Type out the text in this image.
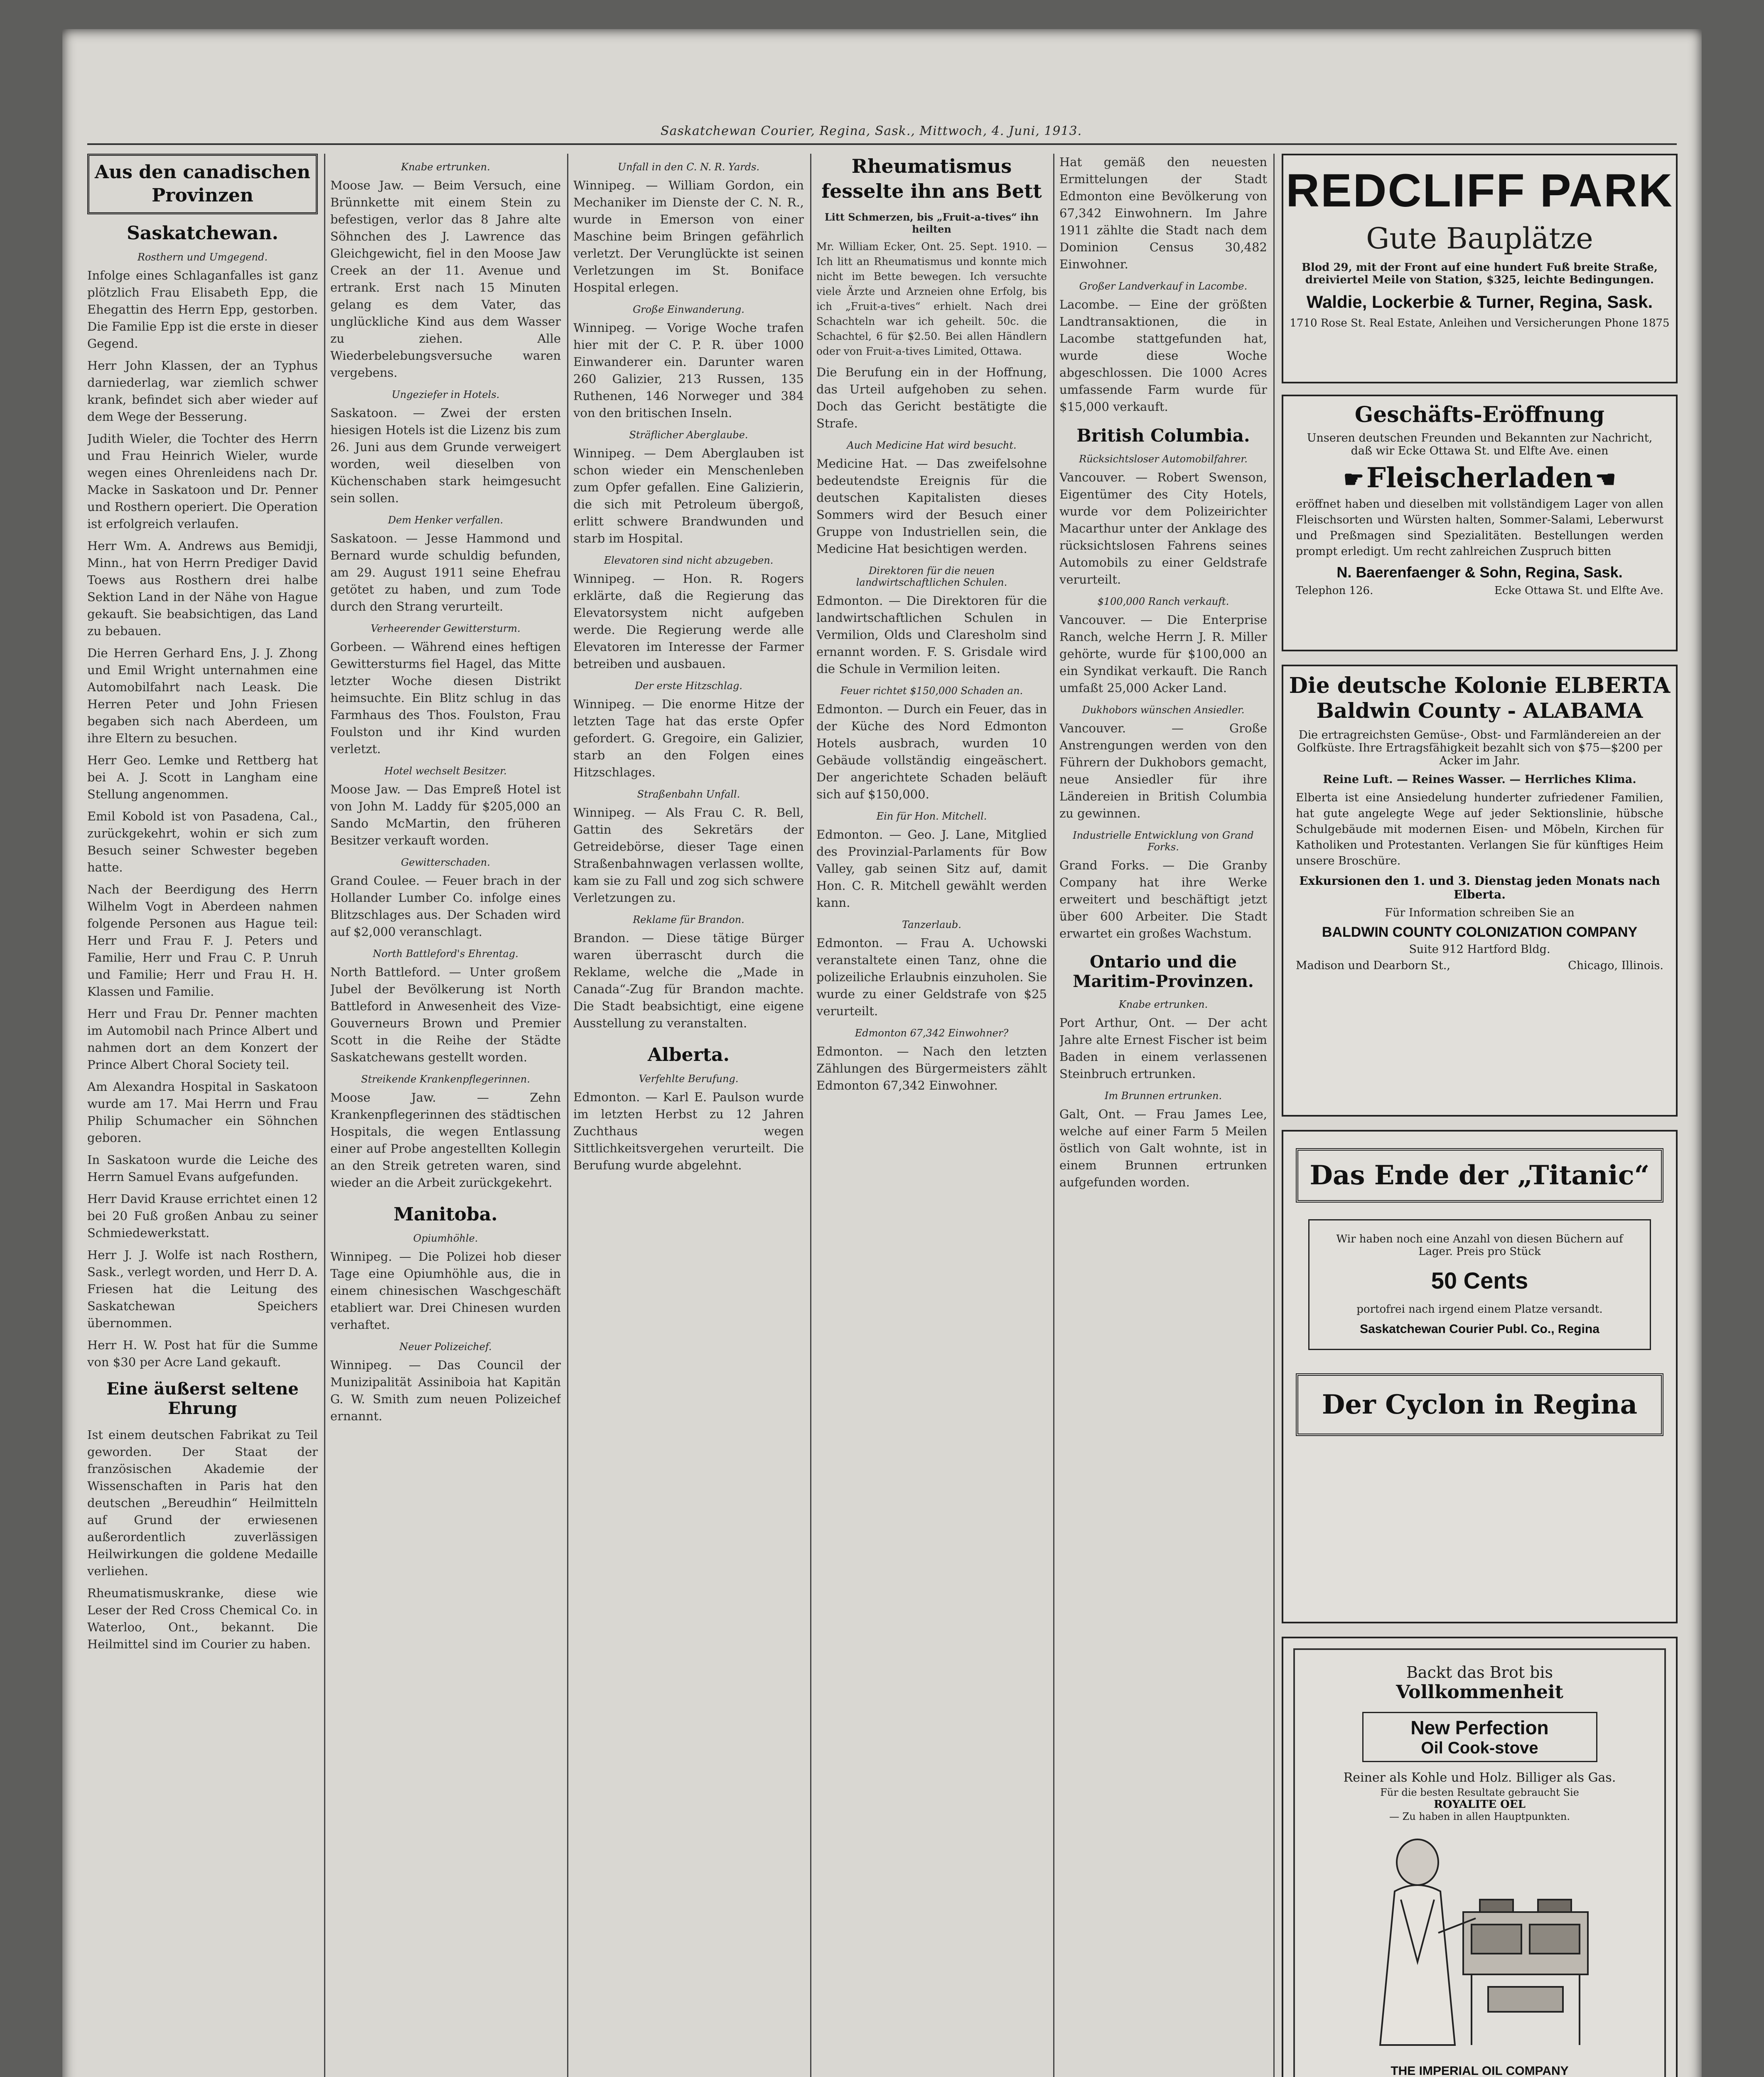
Saskatchewan Courier, Regina, Sask., Mittwoch, 4. Juni, 1913.
Aus den canadischen Provinzen
Saskatchewan.
Rosthern und Umgegend.

Infolge eines Schlaganfalles ist ganz plötzlich Frau Elisabeth Epp, die Ehegattin des Herrn Epp, gestorben. Die Familie Epp ist die erste in dieser Gegend.

Herr John Klassen, der an Typhus darniederlag, war ziemlich schwer krank, befindet sich aber wieder auf dem Wege der Besserung.

Judith Wieler, die Tochter des Herrn und Frau Heinrich Wieler, wurde wegen eines Ohrenleidens nach Dr. Macke in Saskatoon und Dr. Penner und Rosthern operiert. Die Operation ist erfolgreich verlaufen.

Herr Wm. A. Andrews aus Bemidji, Minn., hat von Herrn Prediger David Toews aus Rosthern drei halbe Sektion Land in der Nähe von Hague gekauft. Sie beabsichtigen, das Land zu bebauen.

Die Herren Gerhard Ens, J. J. Zhong und Emil Wright unternahmen eine Automobilfahrt nach Leask. Die Herren Peter und John Friesen begaben sich nach Aberdeen, um ihre Eltern zu besuchen.

Herr Geo. Lemke und Rettberg hat bei A. J. Scott in Langham eine Stellung angenommen.

Emil Kobold ist von Pasadena, Cal., zurückgekehrt, wohin er sich zum Besuch seiner Schwester begeben hatte.

Nach der Beerdigung des Herrn Wilhelm Vogt in Aberdeen nahmen folgende Personen aus Hague teil: Herr und Frau F. J. Peters und Familie, Herr und Frau C. P. Unruh und Familie; Herr und Frau H. H. Klassen und Familie.

Herr und Frau Dr. Penner machten im Automobil nach Prince Albert und nahmen dort an dem Konzert der Prince Albert Choral Society teil.

Am Alexandra Hospital in Saskatoon wurde am 17. Mai Herrn und Frau Philip Schumacher ein Söhnchen geboren.

In Saskatoon wurde die Leiche des Herrn Samuel Evans aufgefunden.

Herr David Krause errichtet einen 12 bei 20 Fuß großen Anbau zu seiner Schmiedewerkstatt.

Herr J. J. Wolfe ist nach Rosthern, Sask., verlegt worden, und Herr D. A. Friesen hat die Leitung des Saskatchewan Speichers übernommen.

Herr H. W. Post hat für die Summe von $30 per Acre Land gekauft.

Eine äußerst seltene Ehrung

Ist einem deutschen Fabrikat zu Teil geworden. Der Staat der französischen Akademie der Wissenschaften in Paris hat den deutschen „Bereudhin“ Heilmitteln auf Grund der erwiesenen außerordentlich zuverlässigen Heilwirkungen die goldene Medaille verliehen.

Rheumatismuskranke, diese wie Leser der Red Cross Chemical Co. in Waterloo, Ont., bekannt. Die Heilmittel sind im Courier zu haben.

Knabe ertrunken.

Moose Jaw. — Beim Versuch, eine Brünnkette mit einem Stein zu befestigen, verlor das 8 Jahre alte Söhnchen des J. Lawrence das Gleichgewicht, fiel in den Moose Jaw Creek an der 11. Avenue und ertrank. Erst nach 15 Minuten gelang es dem Vater, das unglückliche Kind aus dem Wasser zu ziehen. Alle Wiederbelebungsversuche waren vergebens.

Ungeziefer in Hotels.

Saskatoon. — Zwei der ersten hiesigen Hotels ist die Lizenz bis zum 26. Juni aus dem Grunde verweigert worden, weil dieselben von Küchenschaben stark heimgesucht sein sollen.

Dem Henker verfallen.

Saskatoon. — Jesse Hammond und Bernard wurde schuldig befunden, am 29. August 1911 seine Ehefrau getötet zu haben, und zum Tode durch den Strang verurteilt.

Verheerender Gewittersturm.

Gorbeen. — Während eines heftigen Gewittersturms fiel Hagel, das Mitte letzter Woche diesen Distrikt heimsuchte. Ein Blitz schlug in das Farmhaus des Thos. Foulston, Frau Foulston und ihr Kind wurden verletzt.

Hotel wechselt Besitzer.

Moose Jaw. — Das Empreß Hotel ist von John M. Laddy für $205,000 an Sando McMartin, den früheren Besitzer verkauft worden.

Gewitterschaden.

Grand Coulee. — Feuer brach in der Hollander Lumber Co. infolge eines Blitzschlages aus. Der Schaden wird auf $2,000 veranschlagt.

North Battleford's Ehrentag.

North Battleford. — Unter großem Jubel der Bevölkerung ist North Battleford in Anwesenheit des Vize-Gouverneurs Brown und Premier Scott in die Reihe der Städte Saskatchewans gestellt worden.

Streikende Krankenpflegerinnen.

Moose Jaw. — Zehn Krankenpflegerinnen des städtischen Hospitals, die wegen Entlassung einer auf Probe angestellten Kollegin an den Streik getreten waren, sind wieder an die Arbeit zurückgekehrt.

Manitoba.
Opiumhöhle.

Winnipeg. — Die Polizei hob dieser Tage eine Opiumhöhle aus, die in einem chinesischen Waschgeschäft etabliert war. Drei Chinesen wurden verhaftet.

Neuer Polizeichef.

Winnipeg. — Das Council der Munizipalität Assiniboia hat Kapitän G. W. Smith zum neuen Polizeichef ernannt.

Unfall in den C. N. R. Yards.

Winnipeg. — William Gordon, ein Mechaniker im Dienste der C. N. R., wurde in Emerson von einer Maschine beim Bringen gefährlich verletzt. Der Verunglückte ist seinen Verletzungen im St. Boniface Hospital erlegen.

Große Einwanderung.

Winnipeg. — Vorige Woche trafen hier mit der C. P. R. über 1000 Einwanderer ein. Darunter waren 260 Galizier, 213 Russen, 135 Ruthenen, 146 Norweger und 384 von den britischen Inseln.

Sträflicher Aberglaube.

Winnipeg. — Dem Aberglauben ist schon wieder ein Menschenleben zum Opfer gefallen. Eine Galizierin, die sich mit Petroleum übergoß, erlitt schwere Brandwunden und starb im Hospital.

Elevatoren sind nicht abzugeben.

Winnipeg. — Hon. R. Rogers erklärte, daß die Regierung das Elevatorsystem nicht aufgeben werde. Die Regierung werde alle Elevatoren im Interesse der Farmer betreiben und ausbauen.

Der erste Hitzschlag.

Winnipeg. — Die enorme Hitze der letzten Tage hat das erste Opfer gefordert. G. Gregoire, ein Galizier, starb an den Folgen eines Hitzschlages.

Straßenbahn Unfall.

Winnipeg. — Als Frau C. R. Bell, Gattin des Sekretärs der Getreidebörse, dieser Tage einen Straßenbahnwagen verlassen wollte, kam sie zu Fall und zog sich schwere Verletzungen zu.

Reklame für Brandon.

Brandon. — Diese tätige Bürger waren überrascht durch die Reklame, welche die „Made in Canada“-Zug für Brandon machte. Die Stadt beabsichtigt, eine eigene Ausstellung zu veranstalten.

Alberta.
Verfehlte Berufung.

Edmonton. — Karl E. Paulson wurde im letzten Herbst zu 12 Jahren Zuchthaus wegen Sittlichkeitsvergehen verurteilt. Die Berufung wurde abgelehnt.

Rheumatismus fesselte ihn ans Bett
Litt Schmerzen, bis „Fruit-a-tives“ ihn heilten

Mr. William Ecker, Ont. 25. Sept. 1910. — Ich litt an Rheumatismus und konnte mich nicht im Bette bewegen. Ich versuchte viele Ärzte und Arzneien ohne Erfolg, bis ich „Fruit-a-tives“ erhielt. Nach drei Schachteln war ich geheilt. 50c. die Schachtel, 6 für $2.50. Bei allen Händlern oder von Fruit-a-tives Limited, Ottawa.

Die Berufung ein in der Hoffnung, das Urteil aufgehoben zu sehen. Doch das Gericht bestätigte die Strafe.

Auch Medicine Hat wird besucht.

Medicine Hat. — Das zweifelsohne bedeutendste Ereignis für die deutschen Kapitalisten dieses Sommers wird der Besuch einer Gruppe von Industriellen sein, die Medicine Hat besichtigen werden.

Direktoren für die neuen landwirtschaftlichen Schulen.

Edmonton. — Die Direktoren für die landwirtschaftlichen Schulen in Vermilion, Olds und Claresholm sind ernannt worden. F. S. Grisdale wird die Schule in Vermilion leiten.

Feuer richtet $150,000 Schaden an.

Edmonton. — Durch ein Feuer, das in der Küche des Nord Edmonton Hotels ausbrach, wurden 10 Gebäude vollständig eingeäschert. Der angerichtete Schaden beläuft sich auf $150,000.

Ein für Hon. Mitchell.

Edmonton. — Geo. J. Lane, Mitglied des Provinzial-Parlaments für Bow Valley, gab seinen Sitz auf, damit Hon. C. R. Mitchell gewählt werden kann.

Tanzerlaub.

Edmonton. — Frau A. Uchowski veranstaltete einen Tanz, ohne die polizeiliche Erlaubnis einzuholen. Sie wurde zu einer Geldstrafe von $25 verurteilt.

Edmonton 67,342 Einwohner?

Edmonton. — Nach den letzten Zählungen des Bürgermeisters zählt Edmonton 67,342 Einwohner.

Hat gemäß den neuesten Ermittelungen der Stadt Edmonton eine Bevölkerung von 67,342 Einwohnern. Im Jahre 1911 zählte die Stadt nach dem Dominion Census 30,482 Einwohner.

Großer Landverkauf in Lacombe.

Lacombe. — Eine der größten Landtransaktionen, die in Lacombe stattgefunden hat, wurde diese Woche abgeschlossen. Die 1000 Acres umfassende Farm wurde für $15,000 verkauft.

British Columbia.
Rücksichtsloser Automobilfahrer.

Vancouver. — Robert Swenson, Eigentümer des City Hotels, wurde vor dem Polizeirichter Macarthur unter der Anklage des rücksichtslosen Fahrens seines Automobils zu einer Geldstrafe verurteilt.

$100,000 Ranch verkauft.

Vancouver. — Die Enterprise Ranch, welche Herrn J. R. Miller gehörte, wurde für $100,000 an ein Syndikat verkauft. Die Ranch umfaßt 25,000 Acker Land.

Dukhobors wünschen Ansiedler.

Vancouver. — Große Anstrengungen werden von den Führern der Dukhobors gemacht, neue Ansiedler für ihre Ländereien in British Columbia zu gewinnen.

Industrielle Entwicklung von Grand Forks.

Grand Forks. — Die Granby Company hat ihre Werke erweitert und beschäftigt jetzt über 600 Arbeiter. Die Stadt erwartet ein großes Wachstum.

Ontario und die Maritim-Provinzen.
Knabe ertrunken.

Port Arthur, Ont. — Der acht Jahre alte Ernest Fischer ist beim Baden in einem verlassenen Steinbruch ertrunken.

Im Brunnen ertrunken.

Galt, Ont. — Frau James Lee, welche auf einer Farm 5 Meilen östlich von Galt wohnte, ist in einem Brunnen ertrunken aufgefunden worden.

REDCLIFF PARK
Gute Bauplätze
Blod 29, mit der Front auf eine hundert Fuß breite Straße, dreiviertel Meile von Station, $325, leichte Bedingungen.
Waldie, Lockerbie & Turner, Regina, Sask.
1710 Rose St. Real Estate, Anleihen und Versicherungen Phone 1875
Geschäfts-Eröffnung
Unseren deutschen Freunden und Bekannten zur Nachricht, daß wir Ecke Ottawa St. und Elfte Ave. einen
☛ Fleischerladen ☚
eröffnet haben und dieselben mit vollständigem Lager von allen Fleischsorten und Würsten halten, Sommer-Salami, Leberwurst und Preßmagen sind Spezialitäten. Bestellungen werden prompt erledigt. Um recht zahlreichen Zuspruch bitten
N. Baerenfaenger & Sohn, Regina, Sask.
Telephon 126.	Ecke Ottawa St. und Elfte Ave.
Die deutsche Kolonie ELBERTA
Baldwin County - ALABAMA
Die ertragreichsten Gemüse-, Obst- und Farmländereien an der Golfküste. Ihre Ertragsfähigkeit bezahlt sich von $75—$200 per Acker im Jahr.
Reine Luft. — Reines Wasser. — Herrliches Klima.
Elberta ist eine Ansiedelung hunderter zufriedener Familien, hat gute angelegte Wege auf jeder Sektionslinie, hübsche Schulgebäude mit modernen Eisen- und Möbeln, Kirchen für Katholiken und Protestanten. Verlangen Sie für künftiges Heim unsere Broschüre.
Exkursionen den 1. und 3. Dienstag jeden Monats nach Elberta.
Für Information schreiben Sie an
BALDWIN COUNTY COLONIZATION COMPANY
Suite 912 Hartford Bldg.
Madison und Dearborn St.,	Chicago, Illinois.
Das Ende der „Titanic“
Wir haben noch eine Anzahl von diesen Büchern auf Lager. Preis pro Stück
50 Cents
portofrei nach irgend einem Platze versandt.
Saskatchewan Courier Publ. Co., Regina
Der Cyclon in Regina
Backt das Brot bis
Vollkommenheit
New Perfection
Oil Cook-stove
Reiner als Kohle und Holz. Billiger als Gas.
Für die besten Resultate gebraucht Sie
ROYALITE OEL
— Zu haben in allen Hauptpunkten.
THE IMPERIAL OIL COMPANY
